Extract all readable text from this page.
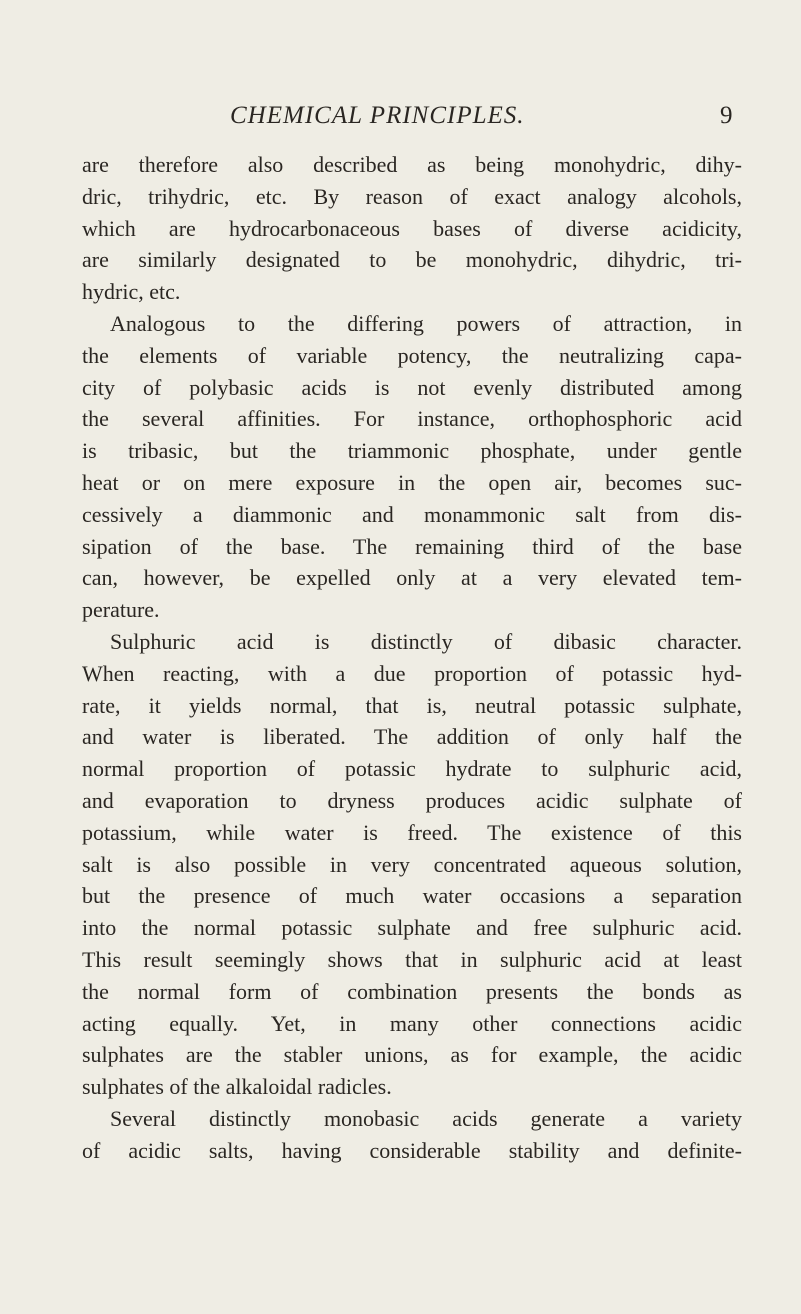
CHEMICAL PRINCIPLES.	9
are therefore also described as being monohydric, dihy-
dric, trihydric, etc. By reason of exact analogy alcohols,
which are hydrocarbonaceous bases of diverse acidicity,
are similarly designated to be monohydric, dihydric, tri-
hydric, etc.
Analogous to the differing powers of attraction, in
the elements of variable potency, the neutralizing capa-
city of polybasic acids is not evenly distributed among
the several affinities. For instance, orthophosphoric acid
is tribasic, but the triammonic phosphate, under gentle
heat or on mere exposure in the open air, becomes suc-
cessively a diammonic and monammonic salt from dis-
sipation of the base. The remaining third of the base
can, however, be expelled only at a very elevated tem-
perature.
Sulphuric acid is distinctly of dibasic character.
When reacting, with a due proportion of potassic hyd-
rate, it yields normal, that is, neutral potassic sulphate,
and water is liberated. The addition of only half the
normal proportion of potassic hydrate to sulphuric acid,
and evaporation to dryness produces acidic sulphate of
potassium, while water is freed. The existence of this
salt is also possible in very concentrated aqueous solution,
but the presence of much water occasions a separation
into the normal potassic sulphate and free sulphuric acid.
This result seemingly shows that in sulphuric acid at least
the normal form of combination presents the bonds as
acting equally. Yet, in many other connections acidic
sulphates are the stabler unions, as for example, the acidic
sulphates of the alkaloidal radicles.
Several distinctly monobasic acids generate a variety
of acidic salts, having considerable stability and definite-
